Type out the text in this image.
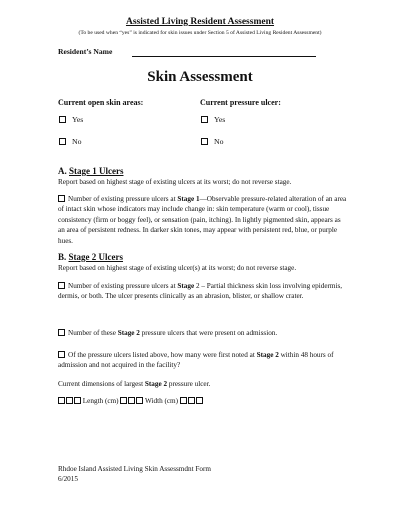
Assisted Living Resident Assessment
(To be used when “yes” is indicated for skin issues under Section 5 of Assisted Living Resident Assessment)
Resident’s Name
Skin Assessment
Current open skin areas:
Yes
No
Current pressure ulcer:
Yes
No
A. Stage 1 Ulcers
Report based on highest stage of existing ulcers at its worst; do not reverse stage.
Number of existing pressure ulcers at Stage 1—Observable pressure-related alteration of an area of intact skin whose indicators may include change in: skin temperature (warm or cool), tissue consistency (firm or boggy feel), or sensation (pain, itching). In lightly pigmented skin, appears as an area of persistent redness. In darker skin tones, may appear with persistent red, blue, or purple hues.
B. Stage 2 Ulcers
Report based on highest stage of existing ulcer(s) at its worst; do not reverse stage.
Number of existing pressure ulcers at Stage 2 – Partial thickness skin loss involving epidermis, dermis, or both. The ulcer presents clinically as an abrasion, blister, or shallow crater.
Number of these Stage 2 pressure ulcers that were present on admission.
Of the pressure ulcers listed above, how many were first noted at Stage 2 within 48 hours of admission and not acquired in the facility?
Current dimensions of largest Stage 2 pressure ulcer.
Length (cm)	Width (cm)
Rhdoe Island Assisted Living Skin Assessmdnt Form
6/2015
